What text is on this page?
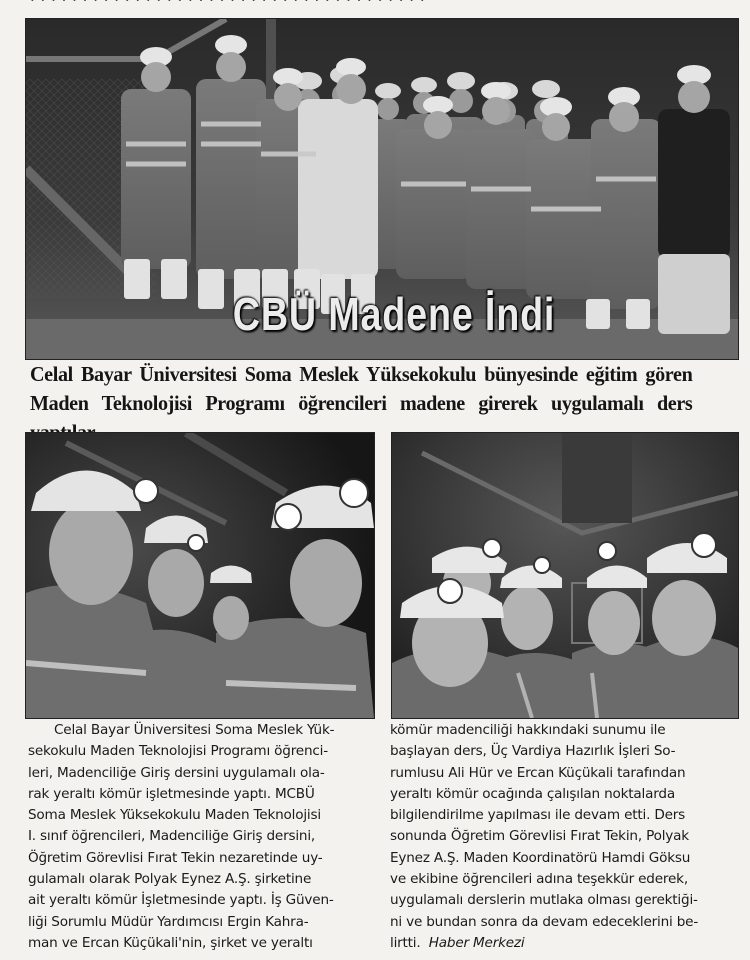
· · · · · · · · · · · · · · · · · · · · · · · · · · · · · · · · · · · · · ·
CBÜ Madene İndi
Celal Bayar Üniversitesi Soma Meslek Yüksekokulu bünyesinde eğitim gören Maden Teknolojisi Programı öğrencileri madene girerek uygulamalı ders
Celal Bayar Üniversitesi Soma Meslek Yük-
sekokulu Maden Teknolojisi Programı öğrenci-
leri, Madenciliğe Giriş dersini uygulamalı ola-
rak yeraltı kömür işletmesinde yaptı. MCBÜ
Soma Meslek Yüksekokulu Maden Teknolojisi
I. sınıf öğrencileri, Madenciliğe Giriş dersini,
Öğretim Görevlisi Fırat Tekin nezaretinde uy-
gulamalı olarak Polyak Eynez A.Ş. şirketine
ait yeraltı kömür İşletmesinde yaptı. İş Güven-
liği Sorumlu Müdür Yardımcısı Ergin Kahra-
man ve Ercan Küçükali'nin, şirket ve yeraltı
kömür madenciliği hakkındaki sunumu ile
başlayan ders, Üç Vardiya Hazırlık İşleri So-
rumlusu Ali Hür ve Ercan Küçükali tarafından
yeraltı kömür ocağında çalışılan noktalarda
bilgilendirilme yapılması ile devam etti. Ders
sonunda Öğretim Görevlisi Fırat Tekin, Polyak
Eynez A.Ş. Maden Koordinatörü Hamdi Göksu
ve ekibine öğrencileri adına teşekkür ederek,
uygulamalı derslerin mutlaka olması gerektiği-
ni ve bundan sonra da devam edeceklerini be-
lirtti. Haber Merkezi
